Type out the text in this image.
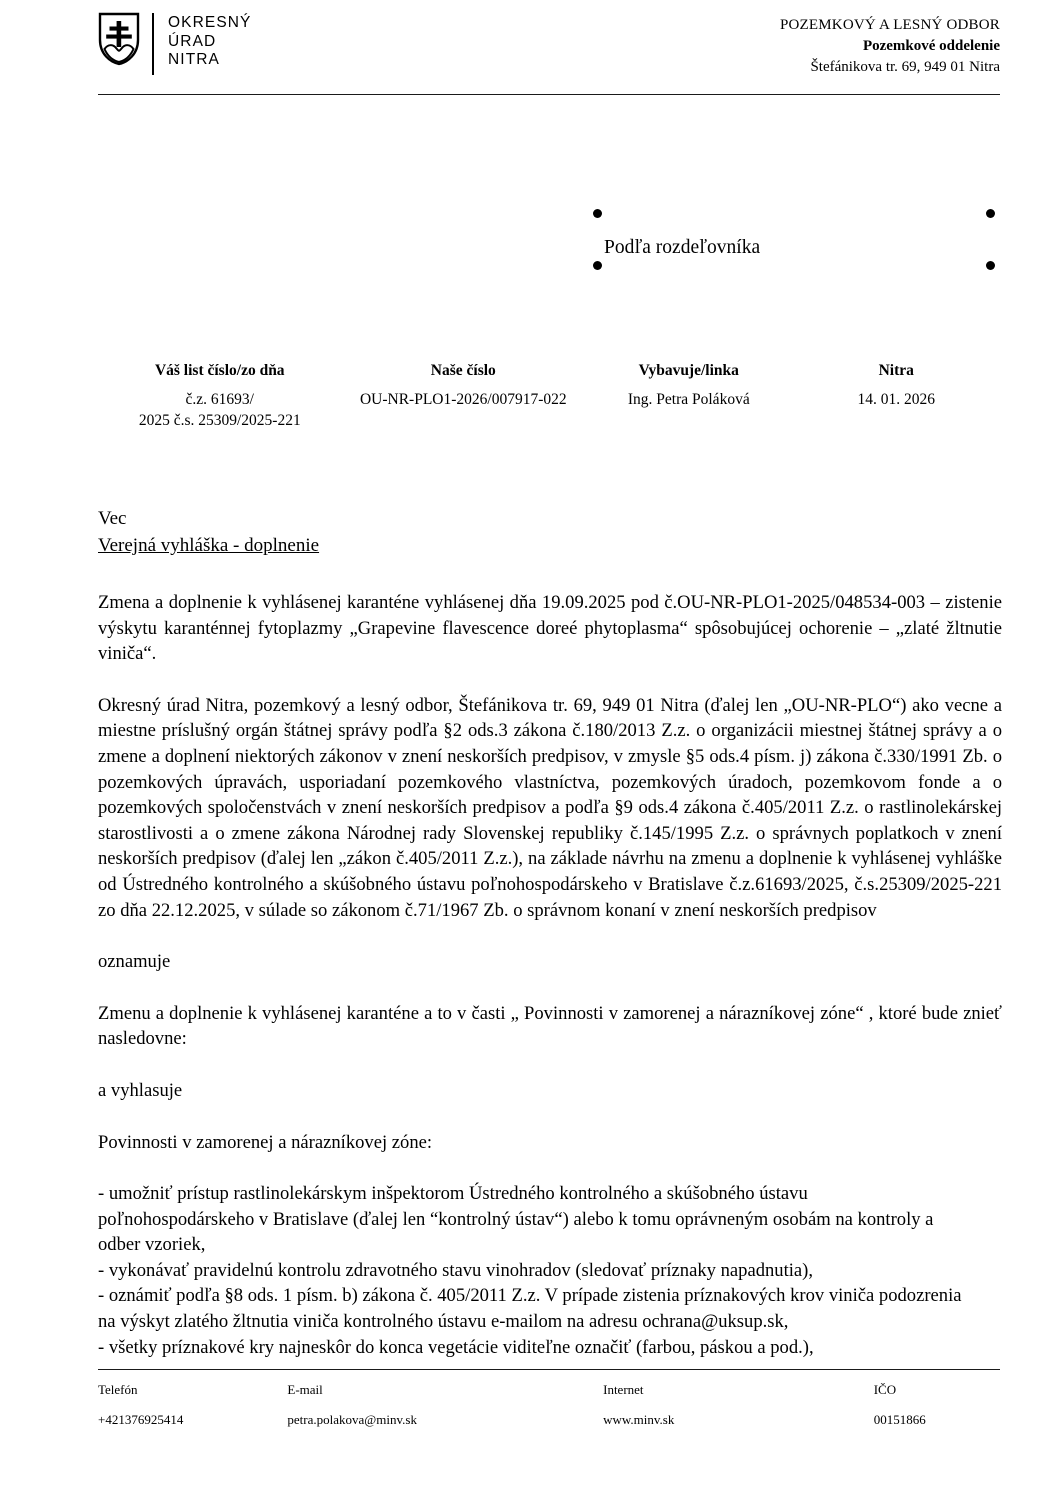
OKRESNÝ
ÚRAD
NITRA
POZEMKOVÝ A LESNÝ ODBOR
Pozemkové oddelenie
Štefánikova tr. 69, 949 01 Nitra
Podľa rozdeľovníka
Váš list číslo/zo dňa	Naše číslo	Vybavuje/linka	Nitra

č.z. 61693/
2025 č.s. 25309/2025-221	OU-NR-PLO1-2026/007917-022	Ing. Petra Poláková	14. 01. 2026
Vec
Verejná vyhláška - doplnenie

Zmena a doplnenie k vyhlásenej karanténe vyhlásenej dňa 19.09.2025 pod č.OU-NR-PLO1-2025/048534-003 – zistenie výskytu karanténnej fytoplazmy „Grapevine flavescence doreé phytoplasma“ spôsobujúcej ochorenie – „zlaté žltnutie viniča“.

Okresný úrad Nitra, pozemkový a lesný odbor, Štefánikova tr. 69, 949 01 Nitra (ďalej len „OU-NR-PLO“) ako vecne a miestne príslušný orgán štátnej správy podľa §2 ods.3 zákona č.180/2013 Z.z. o organizácii miestnej štátnej správy a o zmene a doplnení niektorých zákonov v znení neskorších predpisov, v zmysle §5 ods.4 písm. j) zákona č.330/1991 Zb. o pozemkových úpravách, usporiadaní pozemkového vlastníctva, pozemkových úradoch, pozemkovom fonde a o pozemkových spoločenstvách v znení neskorších predpisov a podľa §9 ods.4 zákona č.405/2011 Z.z. o rastlinolekárskej starostlivosti a o zmene zákona Národnej rady Slovenskej republiky č.145/1995 Z.z. o správnych poplatkoch v znení neskorších predpisov (ďalej len „zákon č.405/2011 Z.z.), na základe návrhu na zmenu a doplnenie k vyhlásenej vyhláške od Ústredného kontrolného a skúšobného ústavu poľnohospodárskeho v Bratislave č.z.61693/2025, č.s.25309/2025-221 zo dňa 22.12.2025, v súlade so zákonom č.71/1967 Zb. o správnom konaní v znení neskorších predpisov

oznamuje

Zmenu a doplnenie k vyhlásenej karanténe a to v časti „ Povinnosti v zamorenej a nárazníkovej zóne“ , ktoré bude znieť nasledovne:

a vyhlasuje

Povinnosti v zamorenej a nárazníkovej zóne:

- umožniť prístup rastlinolekárskym inšpektorom Ústredného kontrolného a skúšobného ústavu
poľnohospodárskeho v Bratislave (ďalej len “kontrolný ústav“) alebo k tomu oprávneným osobám na kontroly a
odber vzoriek,
- vykonávať pravidelnú kontrolu zdravotného stavu vinohradov (sledovať príznaky napadnutia),
- oznámiť podľa §8 ods. 1 písm. b) zákona č. 405/2011 Z.z. V prípade zistenia príznakových krov viniča podozrenia
na výskyt zlatého žltnutia viniča kontrolného ústavu e-mailom na adresu ochrana@uksup.sk,
- všetky príznakové kry najneskôr do konca vegetácie viditeľne označiť (farbou, páskou a pod.),
Telefón	E-mail	Internet	IČO
+421376925414	petra.polakova@minv.sk	www.minv.sk	00151866
